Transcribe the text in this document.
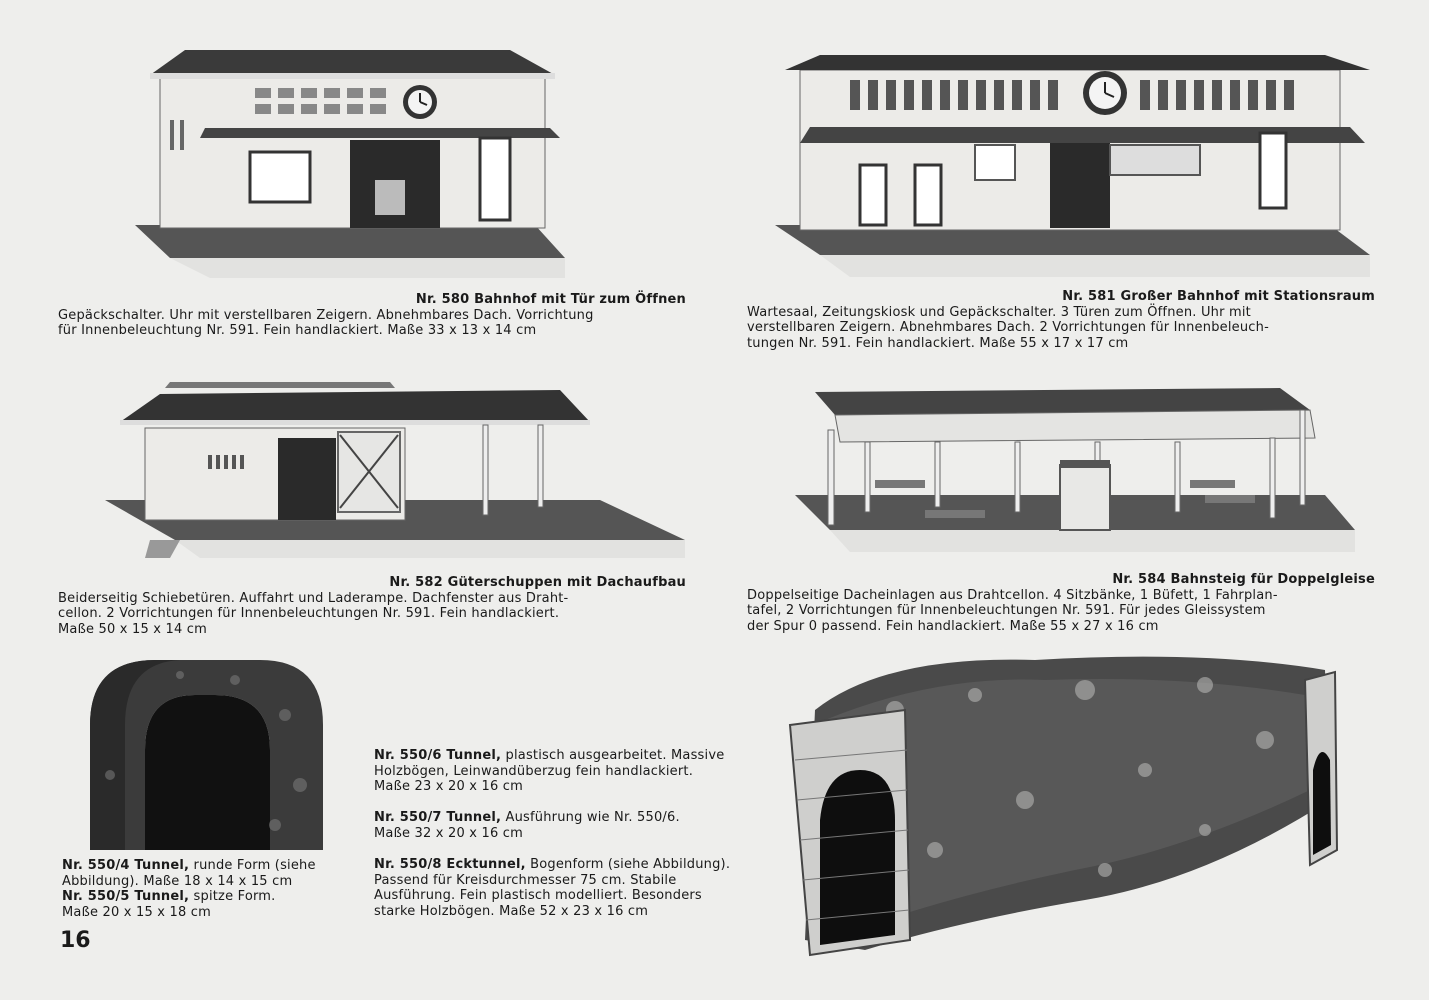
Nr. 580 Bahnhof mit Tür zum Öffnen

Gepäckschalter. Uhr mit verstellbaren Zeigern. Abnehmbares Dach. Vorrichtung

für Innenbeleuchtung Nr. 591. Fein handlackiert. Maße 33 x 13 x 14 cm

Nr. 581 Großer Bahnhof mit Stationsraum

Wartesaal, Zeitungskiosk und Gepäckschalter. 3 Türen zum Öffnen. Uhr mit

verstellbaren Zeigern. Abnehmbares Dach. 2 Vorrichtungen für Innenbeleuch-

tungen Nr. 591. Fein handlackiert. Maße 55 x 17 x 17 cm

Nr. 582 Güterschuppen mit Dachaufbau

Beiderseitig Schiebetüren. Auffahrt und Laderampe. Dachfenster aus Draht-

cellon. 2 Vorrichtungen für Innenbeleuchtungen Nr. 591. Fein handlackiert.

Maße 50 x 15 x 14 cm

Nr. 584 Bahnsteig für Doppelgleise

Doppelseitige Dacheinlagen aus Drahtcellon. 4 Sitzbänke, 1 Büfett, 1 Fahrplan-

tafel, 2 Vorrichtungen für Innenbeleuchtungen Nr. 591. Für jedes Gleissystem

der Spur 0 passend. Fein handlackiert. Maße 55 x 27 x 16 cm

Nr. 550/4 Tunnel, runde Form (siehe

Abbildung). Maße 18 x 14 x 15 cm

Nr. 550/5 Tunnel, spitze Form.

Maße 20 x 15 x 18 cm

Nr. 550/6 Tunnel, plastisch ausgearbeitet. Massive

Holzbögen, Leinwandüberzug fein handlackiert.

Maße 23 x 20 x 16 cm

Nr. 550/7 Tunnel, Ausführung wie Nr. 550/6.

Maße 32 x 20 x 16 cm

Nr. 550/8 Ecktunnel, Bogenform (siehe Abbildung).

Passend für Kreisdurchmesser 75 cm. Stabile

Ausführung. Fein plastisch modelliert. Besonders

starke Holzbögen. Maße 52 x 23 x 16 cm

16
